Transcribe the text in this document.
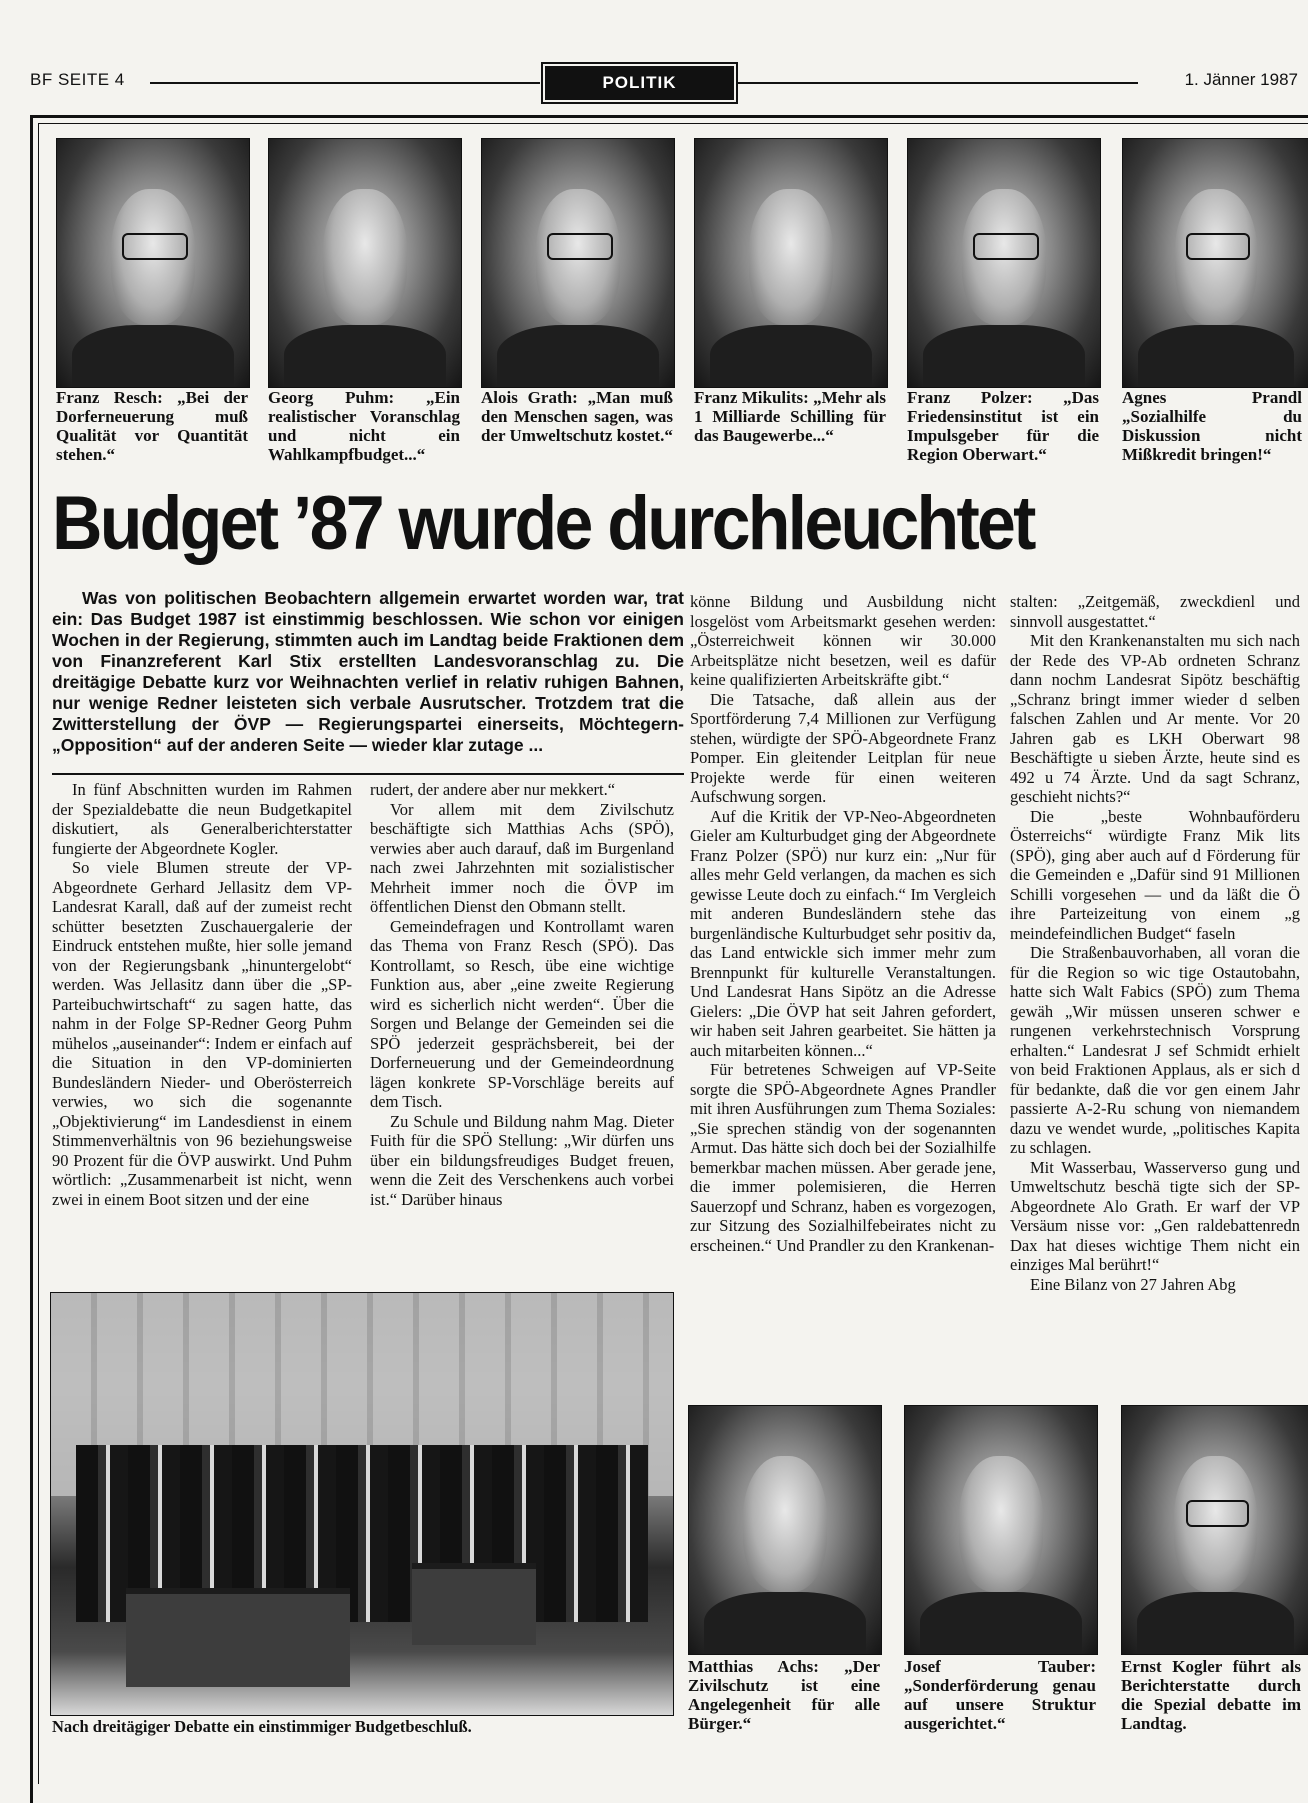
BF SEITE 4	POLITIK	1. Jänner 1987
Franz Resch: „Bei der Dorferneuerung muß Qualität vor Quantität stehen.“
Georg Puhm: „Ein realistischer Voranschlag und nicht ein Wahlkampfbudget...“
Alois Grath: „Man muß den Menschen sagen, was der Umweltschutz kostet.“
Franz Mikulits: „Mehr als 1 Milliarde Schilling für das Baugewerbe...“
Franz Polzer: „Das Friedensinstitut ist ein Impulsgeber für die Region Oberwart.“
Agnes Prandl „Sozialhilfe du Diskussion nicht Mißkredit bringen!“
Budget ’87 wurde durchleuchtet
Was von politischen Beobachtern allgemein erwartet worden war, trat ein: Das Budget 1987 ist einstimmig beschlossen. Wie schon vor einigen Wochen in der Regierung, stimmten auch im Landtag beide Fraktionen dem von Finanzreferent Karl Stix erstellten Landesvoranschlag zu. Die dreitägige Debatte kurz vor Weihnachten verlief in relativ ruhigen Bahnen, nur wenige Redner leisteten sich verbale Ausrutscher. Trotzdem trat die Zwitterstellung der ÖVP — Regierungspartei einerseits, Möchtegern-„Opposition“ auf der anderen Seite — wieder klar zutage ...

In fünf Abschnitten wurden im Rahmen der Spezialdebatte die neun Budgetkapitel diskutiert, als Generalberichterstatter fungierte der Abgeordnete Kogler.

So viele Blumen streute der VP-Abgeordnete Gerhard Jellasitz dem VP-Landesrat Karall, daß auf der zumeist recht schütter besetzten Zuschauergalerie der Eindruck entstehen mußte, hier solle jemand von der Regierungsbank „hinuntergelobt“ werden. Was Jellasitz dann über die „SP-Parteibuchwirtschaft“ zu sagen hatte, das nahm in der Folge SP-Redner Georg Puhm mühelos „auseinander“: Indem er einfach auf die Situation in den VP-dominierten Bundesländern Nieder- und Oberösterreich verwies, wo sich die sogenannte „Objektivierung“ im Landesdienst in einem Stimmenverhältnis von 96 beziehungsweise 90 Prozent für die ÖVP auswirkt. Und Puhm wörtlich: „Zusammenarbeit ist nicht, wenn zwei in einem Boot sitzen und der eine

rudert, der andere aber nur mekkert.“

Vor allem mit dem Zivilschutz beschäftigte sich Matthias Achs (SPÖ), verwies aber auch darauf, daß im Burgenland nach zwei Jahrzehnten mit sozialistischer Mehrheit immer noch die ÖVP im öffentlichen Dienst den Obmann stellt.

Gemeindefragen und Kontrollamt waren das Thema von Franz Resch (SPÖ). Das Kontrollamt, so Resch, übe eine wichtige Funktion aus, aber „eine zweite Regierung wird es sicherlich nicht werden“. Über die Sorgen und Belange der Gemeinden sei die SPÖ jederzeit gesprächsbereit, bei der Dorferneuerung und der Gemeindeordnung lägen konkrete SP-Vorschläge bereits auf dem Tisch.

Zu Schule und Bildung nahm Mag. Dieter Fuith für die SPÖ Stellung: „Wir dürfen uns über ein bildungsfreudiges Budget freuen, wenn die Zeit des Verschenkens auch vorbei ist.“ Darüber hinaus

könne Bildung und Ausbildung nicht losgelöst vom Arbeitsmarkt gesehen werden: „Österreichweit können wir 30.000 Arbeitsplätze nicht besetzen, weil es dafür keine qualifizierten Arbeitskräfte gibt.“

Die Tatsache, daß allein aus der Sportförderung 7,4 Millionen zur Verfügung stehen, würdigte der SPÖ-Abgeordnete Franz Pomper. Ein gleitender Leitplan für neue Projekte werde für einen weiteren Aufschwung sorgen.

Auf die Kritik der VP-Neo-Abgeordneten Gieler am Kulturbudget ging der Abgeordnete Franz Polzer (SPÖ) nur kurz ein: „Nur für alles mehr Geld verlangen, da machen es sich gewisse Leute doch zu einfach.“ Im Vergleich mit anderen Bundesländern stehe das burgenländische Kulturbudget sehr positiv da, das Land entwickle sich immer mehr zum Brennpunkt für kulturelle Veranstaltungen. Und Landesrat Hans Sipötz an die Adresse Gielers: „Die ÖVP hat seit Jahren gefordert, wir haben seit Jahren gearbeitet. Sie hätten ja auch mitarbeiten können...“

Für betretenes Schweigen auf VP-Seite sorgte die SPÖ-Abgeordnete Agnes Prandler mit ihren Ausführungen zum Thema Soziales: „Sie sprechen ständig von der sogenannten Armut. Das hätte sich doch bei der Sozialhilfe bemerkbar machen müssen. Aber gerade jene, die immer polemisieren, die Herren Sauerzopf und Schranz, haben es vorgezogen, zur Sitzung des Sozialhilfebeirates nicht zu erscheinen.“ Und Prandler zu den Krankenan-

stalten: „Zeitgemäß, zweckdienl und sinnvoll ausgestattet.“

Mit den Krankenanstalten mu sich nach der Rede des VP-Ab ordneten Schranz dann nochm Landesrat Sipötz beschäftig „Schranz bringt immer wieder d selben falschen Zahlen und Ar mente. Vor 20 Jahren gab es LKH Oberwart 98 Beschäftigte u sieben Ärzte, heute sind es 492 u 74 Ärzte. Und da sagt Schranz, geschieht nichts?“

Die „beste Wohnbauförderu Österreichs“ würdigte Franz Mik lits (SPÖ), ging aber auch auf d Förderung für die Gemeinden e „Dafür sind 91 Millionen Schilli vorgesehen — und da läßt die Ö ihre Parteizeitung von einem „g meindefeindlichen Budget“ faseln

Die Straßenbauvorhaben, all voran die für die Region so wic tige Ostautobahn, hatte sich Walt Fabics (SPÖ) zum Thema gewäh „Wir müssen unseren schwer e rungenen verkehrstechnisch Vorsprung erhalten.“ Landesrat J sef Schmidt erhielt von beid Fraktionen Applaus, als er sich d für bedankte, daß die vor gen einem Jahr passierte A-2-Ru schung von niemandem dazu ve wendet wurde, „politisches Kapita zu schlagen.

Mit Wasserbau, Wasserverso gung und Umweltschutz beschä tigte sich der SP-Abgeordnete Alo Grath. Er warf der VP Versäum nisse vor: „Gen raldebattenredn Dax hat dieses wichtige Them nicht ein einziges Mal berührt!“

Eine Bilanz von 27 Jahren Abg

Nach dreitägiger Debatte ein einstimmiger Budgetbeschluß.
Matthias Achs: „Der Zivilschutz ist eine Angelegenheit für alle Bürger.“
Josef Tauber: „Sonderförderung genau auf unsere Struktur ausgerichtet.“
Ernst Kogler führt als Berichterstatte durch die Spezial debatte im Landtag.
